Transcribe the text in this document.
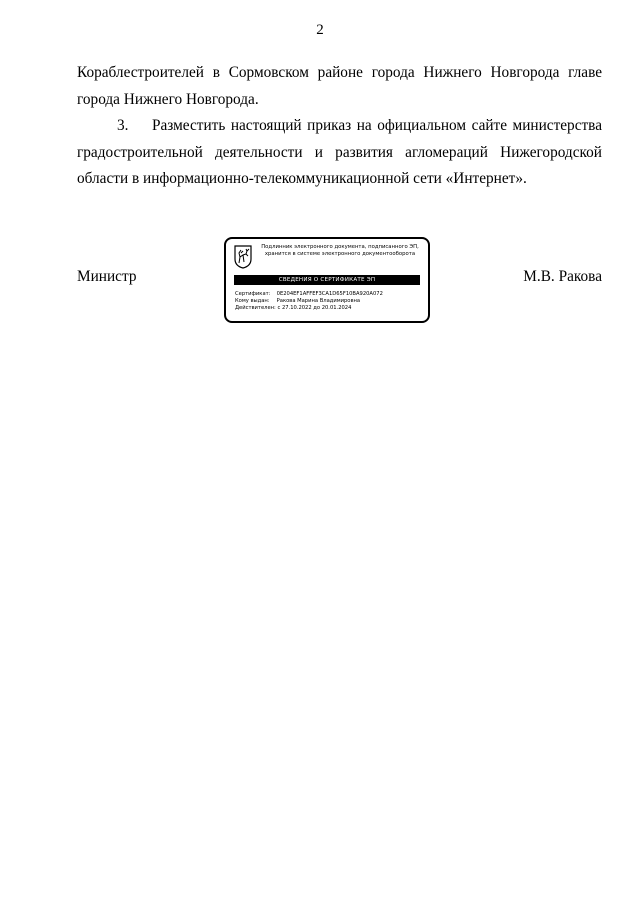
2

Кораблестроителей в Сормовском районе города Нижнего Новгорода главе

города Нижнего Новгорода.

3. Разместить настоящий приказ на официальном сайте министерства

градостроительной деятельности и развития агломераций Нижегородской

области в информационно-телекоммуникационной сети «Интернет».

Министр	М.В. Ракова
Подлинник электронного документа, подписанного ЭП,
хранится в системе электронного документооборота
СВЕДЕНИЯ О СЕРТИФИКАТЕ ЭП
Сертификат: 0E204EF1AFFEF3CA1D65F10BA920A072
Кому выдан: Ракова Марина Владимировна
Действителен: с 27.10.2022 до 20.01.2024
